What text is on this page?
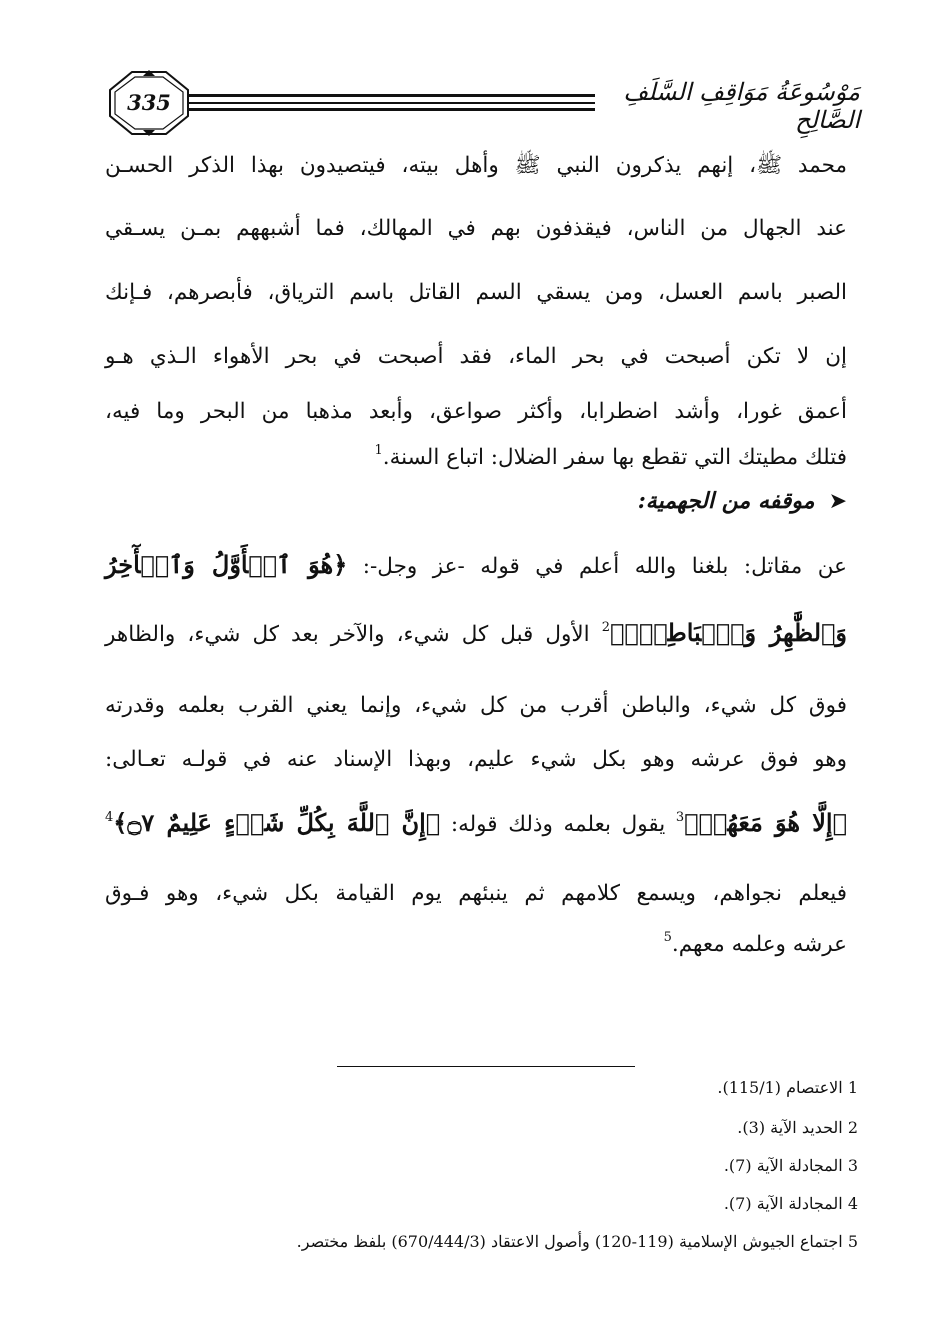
335	مَوْسُوعَةُ مَوَاقِفِ السَّلَفِ الصَّالِحِ
محمد ﷺ، إنهم يذكرون النبي ﷺ وأهل بيته، فيتصيدون بهذا الذكر الحسـن
عند الجهال من الناس، فيقذفون بهم في المهالك، فما أشبههم بمـن يسـقي
الصبر باسم العسل، ومن يسقي السم القاتل باسم الترياق، فأبصرهم، فـإنك
إن لا تكن أصبحت في بحر الماء، فقد أصبحت في بحر الأهواء الـذي هـو
أعمق غورا، وأشد اضطرابا، وأكثر صواعق، وأبعد مذهبا من البحر وما فيه،
فتلك مطيتك التي تقطع بها سفر الضلال: اتباع السنة.$^1$
➤موقفه من الجهمية:
عن مقاتل: بلغنا والله أعلم في قوله -عز وجل-: ﴿هُوَ ٱلۡأَوَّلُ وَٱلۡأٓخِرُ
وَٱلظَّٰهِرُ وَٱلۡبَاطِنُۖ﴾$^2$ الأول قبل كل شيء، والآخر بعد كل شيء، والظاهر
فوق كل شيء، والباطن أقرب من كل شيء، وإنما يعني القرب بعلمه وقدرته
وهو فوق عرشه وهو بكل شيء عليم، وبهذا الإسناد عنه في قولـه تعـالى:
﴿إِلَّا هُوَ مَعَهُمۡ﴾$^3$ يقول بعلمه وذلك قوله: ﴿إِنَّ ٱللَّهَ بِكُلِّ شَيۡءٍ عَلِيمٌ ۝٧﴾$^4$
فيعلم نجواهم، ويسمع كلامهم ثم ينبئهم يوم القيامة بكل شيء، وهو فـوق
عرشه وعلمه معهم.$^5$
1 الاعتصام (115/1).
2 الحديد الآية (3).
3 المجادلة الآية (7).
4 المجادلة الآية (7).
5 اجتماع الجيوش الإسلامية (119-120) وأصول الاعتقاد (670/444/3) بلفظ مختصر.
